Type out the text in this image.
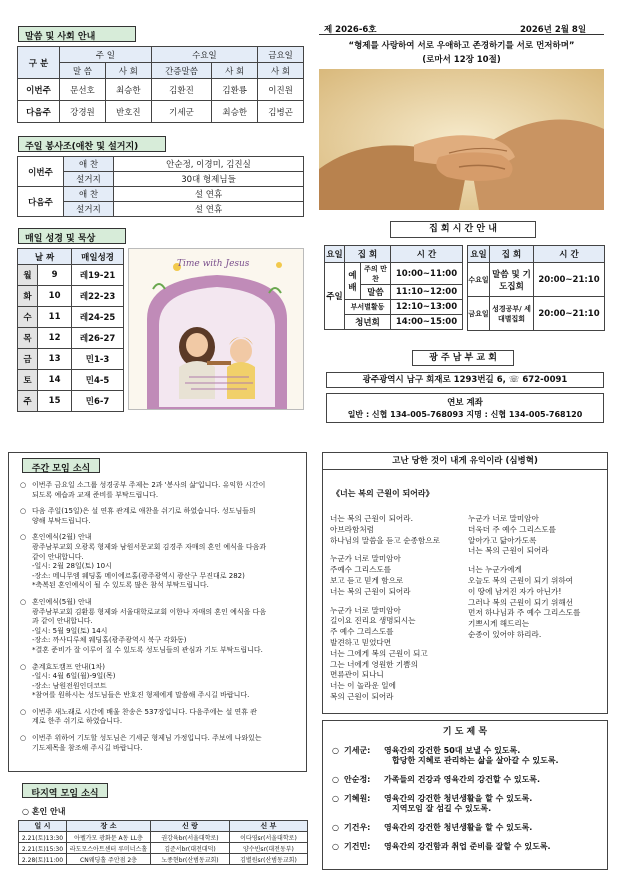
말씀 및 사회 안내
구 분	주 일		수요일		금요일
	말 씀	사 회	간증말씀	사 회	사 회
이번주	문선호	최승한	김환진	김환룡	이진원
다음주	강경원	반호진	기세군	최승한	김병곤
주일 봉사조(애찬 및 설거지)
이번주	애 찬	안순정, 이경미, 김진실
	설거지	30대 형제님들
다음주	애 찬	설 연휴
	설거지	설 연휴
매일 성경 및 묵상
날 짜		매일성경
월	9	레19-21
화	10	레22-23
수	11	레24-25
목	12	레26-27
금	13	민1-3
토	14	민4-5
주	15	민6-7
Time with Jesus
제 2026-6호	2026년 2월 8일
“형제를 사랑하여 서로 우애하고 존경하기를 서로 먼저하며”
(로마서 12장 10절)
집 회 시 간 안 내
요일	집 회		시 간
주일	예배	주의 만찬	10:00~11:00
		말씀	11:10~12:00
	부서별활동		12:10~13:00
	청년회		14:00~15:00
요일	집 회	시 간
수요일	말씀 및 기도집회	20:00~21:10
금요일	성경공부/ 세대별집회	20:00~21:10
광 주 남 부 교 회
광주광역시 남구 회재로 1293번길 6, ☏ 672-0091
연보 계좌
일반 : 신협 134-005-768093 지명 : 신협 134-005-768120
주간 모임 소식
○ 이번주 금요일 소그룹 성경공부 주제는 2과 '봉사의 삶'입니다. 유익한 시간이
되도록 예습과 교재 준비를 부탁드립니다.
○ 다음 주일(15일)은 설 연휴 관계로 애찬을 쉬기로 하였습니다. 성도님들의
양해 부탁드립니다.
○ 혼인예식(2월) 안내
광주남부교회 오광록 형제와 남원서문교회 김경주 자매의 혼인 예식을 다음과
같이 안내합니다.
-일시: 2월 28일(토) 10시
-장소: 메니무엠 웨딩홀 메이에르홀(광주광역시 광산구 무진대로 282)
*축복된 혼인예식이 될 수 있도록 많은 참석 부탁드립니다.
○ 혼인예식(5월) 안내
광주남부교회 김환룡 형제와 서울대학로교회 이한나 자매의 혼인 예식을 다음
과 같이 안내합니다.
-일시: 5월 9일(토) 14시
-장소: 까사디루체 웨딩홀(광주광역시 북구 각화동)
*결혼 준비가 잘 이루어 질 수 있도록 성도님들의 관심과 기도 부탁드립니다.
○ 춘계효도캠프 안내(1차)
-일시: 4월 6일(월)-9일(목)
-장소: 남원전원인더코트
*참여를 원하시는 성도님들은 반호진 형제에게 말씀해 주시길 바랍니다.
○ 이번주 새노래로 시간에 배울 찬송은 537장입니다. 다음주에는 설 연휴 관
계로 한주 쉬기로 하였습니다.
○ 이번주 위하여 기도할 성도님은 기세군 형제님 가정입니다. 주보에 나와있는
기도제목을 참조해 주시길 바랍니다.
타지역 모임 소식
○ 혼인 안내
일 시	장 소	신 랑	신 부
2.21(토)13:30	아펠가모 광화문 A동 LL층	권강육br(서울대학로)	이다영sr(서울대학로)
2.21(토)15:30	라도모스아트센터 루미너스홀	김준서br(대전대덕)	양수빈sr(대전동부)
2.28(토)11:00	CN웨딩홀 주안점 2층	노종현br(산범동교회)	김별원sr(산범동교회)
고난 당한 것이 내게 유익이라 (심병혁)
《너는 복의 근원이 되어라》
너는 복의 근원이 되어라.
아브라함처럼
하나님의 말씀을 듣고 순종함으로
누군가 너로 말미암아
주예수 그리스도를
보고 듣고 믿게 함으로
너는 복의 근원이 되어라
누군가 너로 말미암아
길이요 진리요 생명되시는
주 예수 그리스도를
발견하고 믿었다면
너는 그에게 복의 근원이 되고
그는 너에게 영원한 기쁨의
면류관이 되나니
너는 이 놀라운 일에
복의 근원이 되어라
누군가 너로 말미암아
더욱더 주 예수 그리스도를
알아가고 닮아가도록
너는 복의 근원이 되어라
너는 누군가에게
오늘도 복의 근원이 되기 위하여
이 땅에 남겨진 자가 아닌가!
그러나 복의 근원이 되기 위해선
먼저 하나님과 주 예수 그리스도를
기쁘시게 해드리는
순종이 있어야 하리라.
기 도 제 목
○ 기세군: 영육간의 강건한 50대 보낼 수 있도록.
합당한 지혜로 관리하는 삶을 살아갈 수 있도록.
○ 안순정: 가족들의 건강과 영육간의 강건할 수 있도록.
○ 기혜원: 영육간의 강건한 청년생활을 할 수 있도록.
지역모임 잘 섬길 수 있도록.
○ 기건우: 영육간의 강건한 청년생활을 할 수 있도록.
○ 기건민: 영육간의 강건함과 취업 준비를 잘할 수 있도록.
